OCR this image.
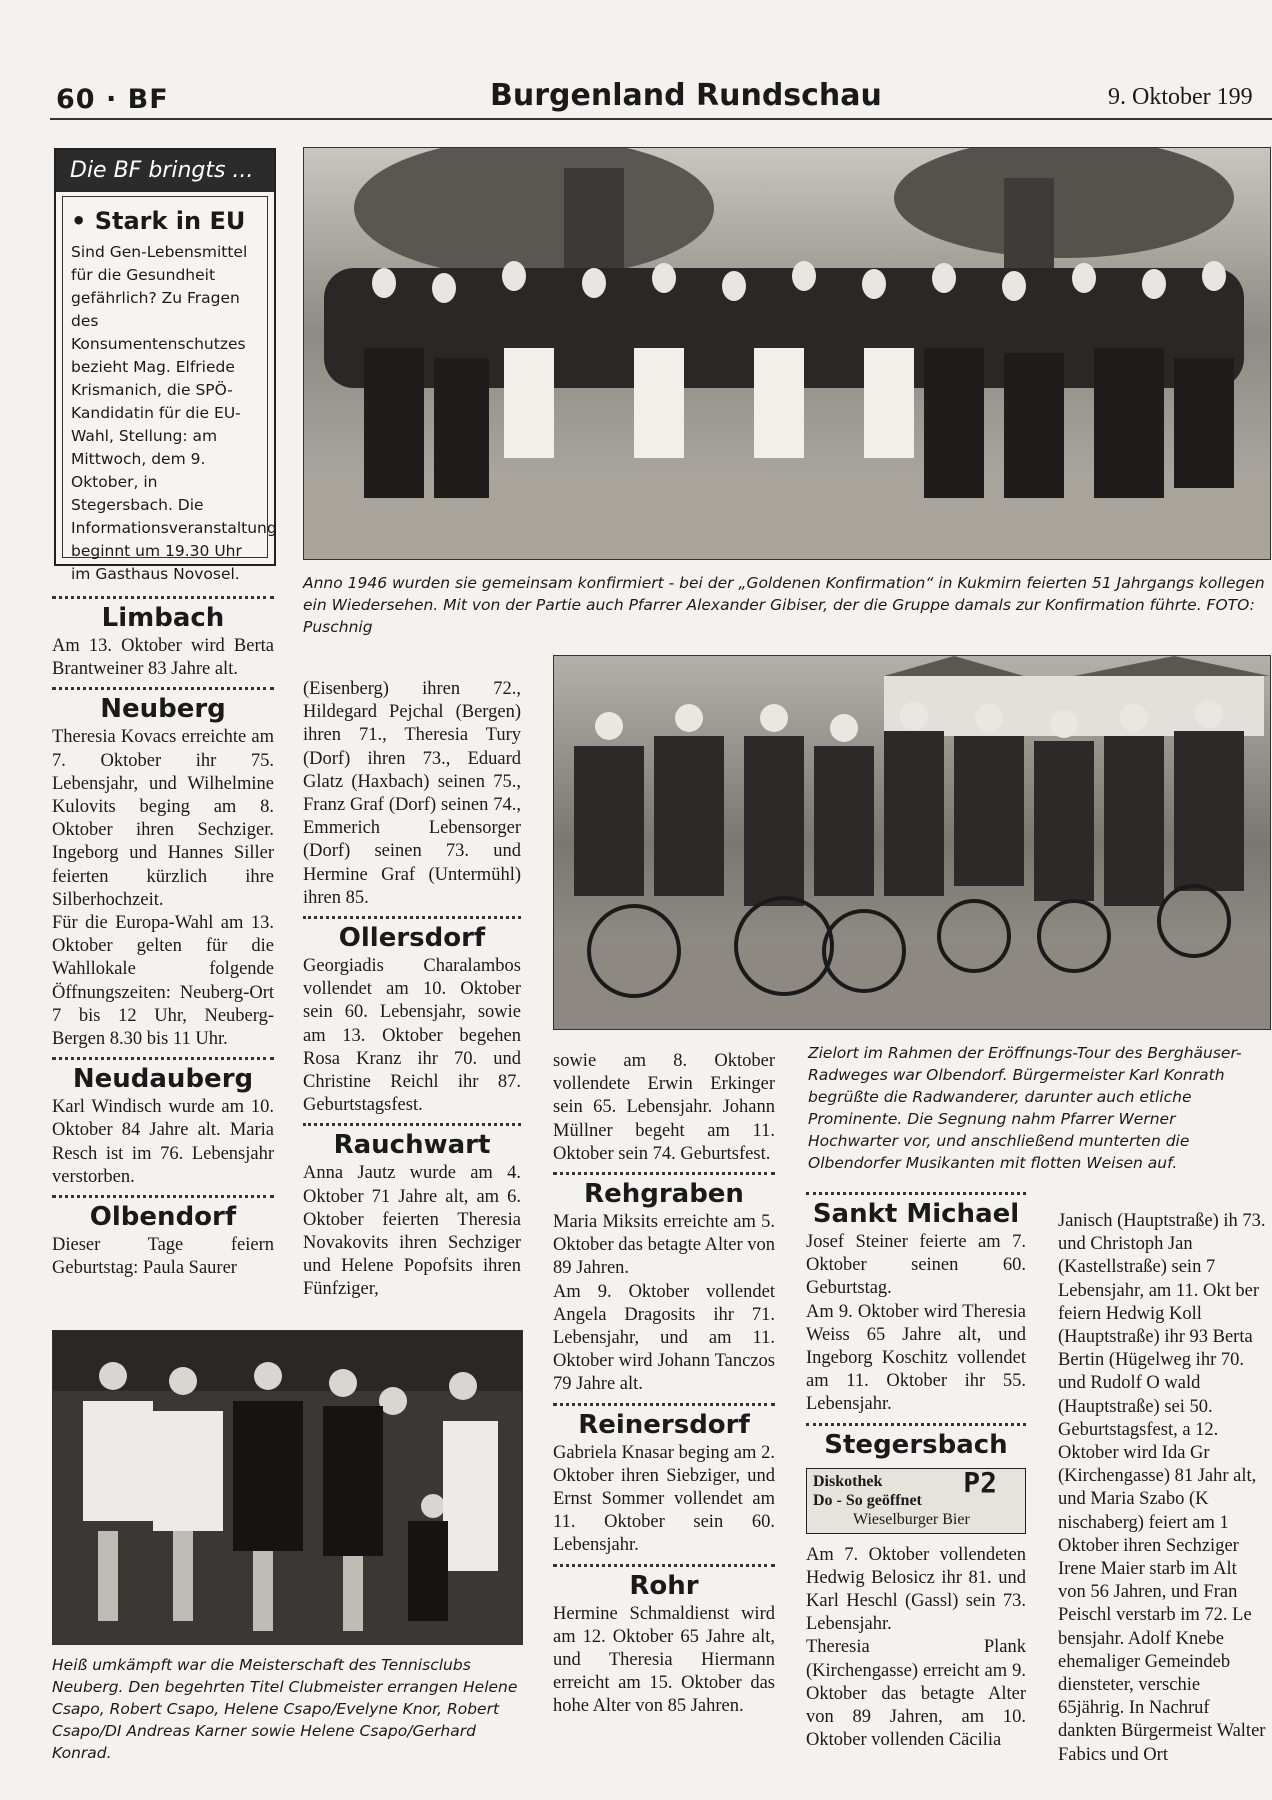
60 · BF	Burgenland Rundschau	9. Oktober 199
Die BF bringts ...
• Stark in EU
Sind Gen-Lebensmittel für die Gesundheit gefährlich? Zu Fragen des Konsumentenschutzes bezieht Mag. Elfriede Krismanich, die SPÖ-Kandidatin für die EU-Wahl, Stellung: am Mittwoch, dem 9. Oktober, in Stegersbach. Die Informationsveranstaltung beginnt um 19.30 Uhr im Gasthaus Novosel.	Anno 1946 wurden sie gemeinsam konfirmiert - bei der „Goldenen Konfirmation“ in Kukmirn feierten 51 Jahrgangs kollegen ein Wiedersehen. Mit von der Partie auch Pfarrer Alexander Gibiser, der die Gruppe damals zur Konfirmation führte. FOTO: Puschnig
Zielort im Rahmen der Eröffnungs-Tour des Berghäuser-Radweges war Olbendorf. Bürgermeister Karl Konrath begrüßte die Radwanderer, darunter auch etliche Prominente. Die Segnung nahm Pfarrer Werner Hochwarter vor, und anschließend munterten die Olbendorfer Musikanten mit flotten Weisen auf.
Heiß umkämpft war die Meisterschaft des Tennisclubs Neuberg. Den begehrten Titel Clubmeister errangen Helene Csapo, Robert Csapo, Helene Csapo/Evelyne Knor, Robert Csapo/DI Andreas Karner sowie Helene Csapo/Gerhard Konrad.
Limbach

Am 13. Oktober wird Berta Brantweiner 83 Jahre alt.

Neuberg

Theresia Kovacs erreichte am 7. Oktober ihr 75. Lebensjahr, und Wilhelmine Kulovits beging am 8. Oktober ihren Sechziger. Ingeborg und Hannes Siller feierten kürzlich ihre Silberhochzeit.

Für die Europa-Wahl am 13. Oktober gelten für die Wahllokale folgende Öffnungszeiten: Neuberg-Ort 7 bis 12 Uhr, Neuberg-Bergen 8.30 bis 11 Uhr.

Neudauberg

Karl Windisch wurde am 10. Oktober 84 Jahre alt. Maria Resch ist im 76. Lebensjahr verstorben.

Olbendorf

Dieser Tage feiern Geburtstag: Paula Saurer

(Eisenberg) ihren 72., Hildegard Pejchal (Bergen) ihren 71., Theresia Tury (Dorf) ihren 73., Eduard Glatz (Haxbach) seinen 75., Franz Graf (Dorf) seinen 74., Emmerich Lebensorger (Dorf) seinen 73. und Hermine Graf (Untermühl) ihren 85.

Ollersdorf

Georgiadis Charalambos vollendet am 10. Oktober sein 60. Lebensjahr, sowie am 13. Oktober begehen Rosa Kranz ihr 70. und Christine Reichl ihr 87. Geburtstagsfest.

Rauchwart

Anna Jautz wurde am 4. Oktober 71 Jahre alt, am 6. Oktober feierten Theresia Novakovits ihren Sechziger und Helene Popofsits ihren Fünfziger,

sowie am 8. Oktober vollendete Erwin Erkinger sein 65. Lebensjahr. Johann Müllner begeht am 11. Oktober sein 74. Geburtsfest.

Rehgraben

Maria Miksits erreichte am 5. Oktober das betagte Alter von 89 Jahren.

Am 9. Oktober vollendet Angela Dragosits ihr 71. Lebensjahr, und am 11. Oktober wird Johann Tanczos 79 Jahre alt.

Reinersdorf

Gabriela Knasar beging am 2. Oktober ihren Siebziger, und Ernst Sommer vollendet am 11. Oktober sein 60. Lebensjahr.

Rohr

Hermine Schmaldienst wird am 12. Oktober 65 Jahre alt, und Theresia Hiermann erreicht am 15. Oktober das hohe Alter von 85 Jahren.

Sankt Michael

Josef Steiner feierte am 7. Oktober seinen 60. Geburtstag.

Am 9. Oktober wird Theresia Weiss 65 Jahre alt, und Ingeborg Koschitz vollendet am 11. Oktober ihr 55. Lebensjahr.

Stegersbach
Diskothek
Do - So geöffnet
Wieselburger Bier
P2

Am 7. Oktober vollendeten Hedwig Belosicz ihr 81. und Karl Heschl (Gassl) sein 73. Lebensjahr.

Theresia Plank (Kirchengasse) erreicht am 9. Oktober das betagte Alter von 89 Jahren, am 10. Oktober vollenden Cäcilia

Janisch (Hauptstraße) ih 73. und Christoph Jan (Kastellstraße) sein 7 Lebensjahr, am 11. Okt ber feiern Hedwig Koll (Hauptstraße) ihr 93 Berta Bertin (Hügelweg ihr 70. und Rudolf O wald (Hauptstraße) sei 50. Geburtstagsfest, a 12. Oktober wird Ida Gr (Kirchengasse) 81 Jahr alt, und Maria Szabo (K nischaberg) feiert am 1 Oktober ihren Sechziger Irene Maier starb im Alt von 56 Jahren, und Fran Peischl verstarb im 72. Le bensjahr. Adolf Knebe ehemaliger Gemeindeb diensteter, verschie 65jährig. In Nachruf dankten Bürgermeist Walter Fabics und Ort
